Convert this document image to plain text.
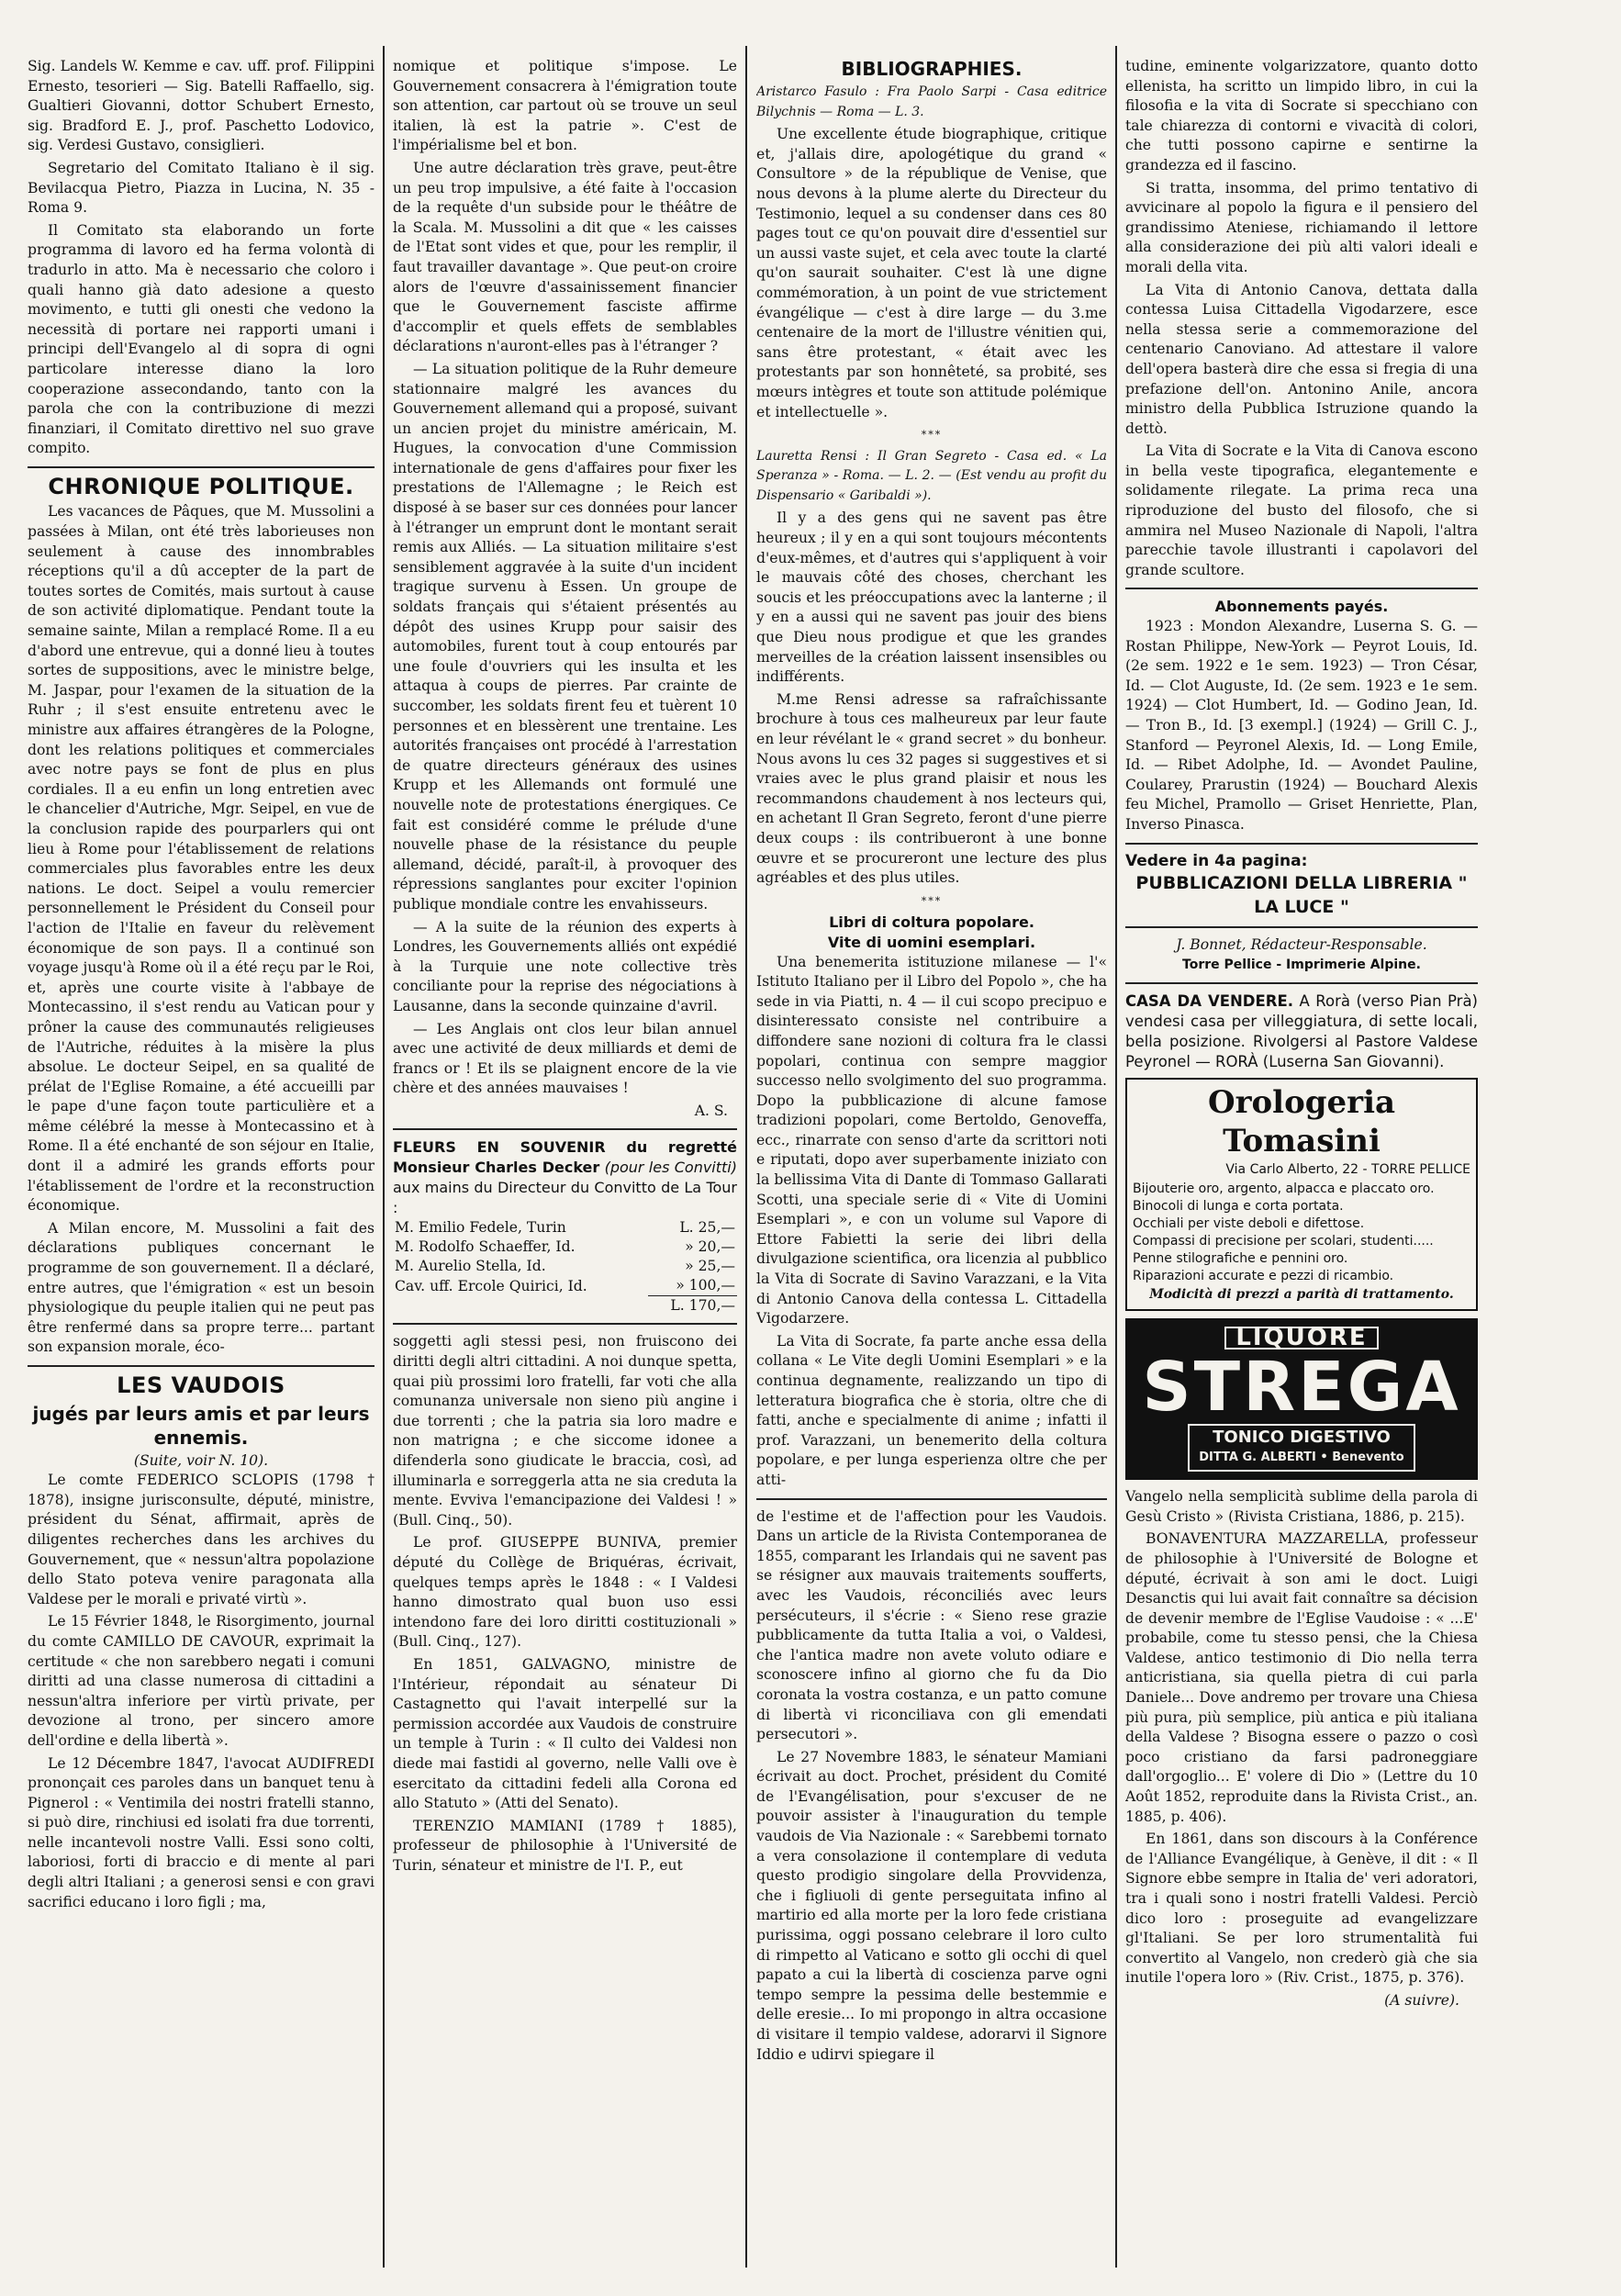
Sig. Landels W. Kemme e cav. uff. prof. Filippini Ernesto, tesorieri — Sig. Batelli Raffaello, sig. Gualtieri Giovanni, dottor Schubert Ernesto, sig. Bradford E. J., prof. Paschetto Lodovico, sig. Verdesi Gustavo, consiglieri.

Segretario del Comitato Italiano è il sig. Bevilacqua Pietro, Piazza in Lucina, N. 35 - Roma 9.

Il Comitato sta elaborando un forte programma di lavoro ed ha ferma volontà di tradurlo in atto. Ma è necessario che coloro i quali hanno già dato adesione a questo movimento, e tutti gli onesti che vedono la necessità di portare nei rapporti umani i principi dell'Evangelo al di sopra di ogni particolare interesse diano la loro cooperazione assecondando, tanto con la parola che con la contribuzione di mezzi finanziari, il Comitato direttivo nel suo grave compito.

CHRONIQUE POLITIQUE.

Les vacances de Pâques, que M. Mussolini a passées à Milan, ont été très laborieuses non seulement à cause des innombrables réceptions qu'il a dû accepter de la part de toutes sortes de Comités, mais surtout à cause de son activité diplomatique. Pendant toute la semaine sainte, Milan a remplacé Rome. Il a eu d'abord une entrevue, qui a donné lieu à toutes sortes de suppositions, avec le ministre belge, M. Jaspar, pour l'examen de la situation de la Ruhr ; il s'est ensuite entretenu avec le ministre aux affaires étrangères de la Pologne, dont les relations politiques et commerciales avec notre pays se font de plus en plus cordiales. Il a eu enfin un long entretien avec le chancelier d'Autriche, Mgr. Seipel, en vue de la conclusion rapide des pourparlers qui ont lieu à Rome pour l'établissement de relations commerciales plus favorables entre les deux nations. Le doct. Seipel a voulu remercier personnellement le Président du Conseil pour l'action de l'Italie en faveur du relèvement économique de son pays. Il a continué son voyage jusqu'à Rome où il a été reçu par le Roi, et, après une courte visite à l'abbaye de Montecassino, il s'est rendu au Vatican pour y prôner la cause des communautés religieuses de l'Autriche, réduites à la misère la plus absolue. Le docteur Seipel, en sa qualité de prélat de l'Eglise Romaine, a été accueilli par le pape d'une façon toute particulière et a même célébré la messe à Montecassino et à Rome. Il a été enchanté de son séjour en Italie, dont il a admiré les grands efforts pour l'établissement de l'ordre et la reconstruction économique.

A Milan encore, M. Mussolini a fait des déclarations publiques concernant le programme de son gouvernement. Il a déclaré, entre autres, que l'émigration « est un besoin physiologique du peuple italien qui ne peut pas être renfermé dans sa propre terre... partant son expansion morale, éco-

LES VAUDOIS
jugés par leurs amis et par leurs ennemis.
(Suite, voir N. 10).

Le comte FEDERICO SCLOPIS (1798 † 1878), insigne jurisconsulte, député, ministre, président du Sénat, affirmait, après de diligentes recherches dans les archives du Gouvernement, que « nessun'altra popolazione dello Stato poteva venire paragonata alla Valdese per le morali e privaté virtù ».

Le 15 Février 1848, le Risorgimento, journal du comte CAMILLO DE CAVOUR, exprimait la certitude « che non sarebbero negati i comuni diritti ad una classe numerosa di cittadini a nessun'altra inferiore per virtù private, per devozione al trono, per sincero amore dell'ordine e della libertà ».

Le 12 Décembre 1847, l'avocat AUDIFREDI prononçait ces paroles dans un banquet tenu à Pignerol : « Ventimila dei nostri fratelli stanno, si può dire, rinchiusi ed isolati fra due torrenti, nelle incantevoli nostre Valli. Essi sono colti, laboriosi, forti di braccio e di mente al pari degli altri Italiani ; a generosi sensi e con gravi sacrifici educano i loro figli ; ma,

nomique et politique s'impose. Le Gouvernement consacrera à l'émigration toute son attention, car partout où se trouve un seul italien, là est la patrie ». C'est de l'impérialisme bel et bon.

Une autre déclaration très grave, peut-être un peu trop impulsive, a été faite à l'occasion de la requête d'un subside pour le théâtre de la Scala. M. Mussolini a dit que « les caisses de l'Etat sont vides et que, pour les remplir, il faut travailler davantage ». Que peut-on croire alors de l'œuvre d'assainissement financier que le Gouvernement fasciste affirme d'accomplir et quels effets de semblables déclarations n'auront-elles pas à l'étranger ?

— La situation politique de la Ruhr demeure stationnaire malgré les avances du Gouvernement allemand qui a proposé, suivant un ancien projet du ministre américain, M. Hugues, la convocation d'une Commission internationale de gens d'affaires pour fixer les prestations de l'Allemagne ; le Reich est disposé à se baser sur ces données pour lancer à l'étranger un emprunt dont le montant serait remis aux Alliés. — La situation militaire s'est sensiblement aggravée à la suite d'un incident tragique survenu à Essen. Un groupe de soldats français qui s'étaient présentés au dépôt des usines Krupp pour saisir des automobiles, furent tout à coup entourés par une foule d'ouvriers qui les insulta et les attaqua à coups de pierres. Par crainte de succomber, les soldats firent feu et tuèrent 10 personnes et en blessèrent une trentaine. Les autorités françaises ont procédé à l'arrestation de quatre directeurs généraux des usines Krupp et les Allemands ont formulé une nouvelle note de protestations énergiques. Ce fait est considéré comme le prélude d'une nouvelle phase de la résistance du peuple allemand, décidé, paraît-il, à provoquer des répressions sanglantes pour exciter l'opinion publique mondiale contre les envahisseurs.

— A la suite de la réunion des experts à Londres, les Gouvernements alliés ont expédié à la Turquie une note collective très conciliante pour la reprise des négociations à Lausanne, dans la seconde quinzaine d'avril.

— Les Anglais ont clos leur bilan annuel avec une activité de deux milliards et demi de francs or ! Et ils se plaignent encore de la vie chère et des années mauvaises !

A. S.
FLEURS EN SOUVENIR du regretté Monsieur Charles Decker (pour les Convitti) aux mains du Directeur du Convitto de La Tour :
M. Emilio Fedele, Turin	L. 25,—
M. Rodolfo Schaeffer, Id.	» 20,—
M. Aurelio Stella, Id.	» 25,—
Cav. uff. Ercole Quirici, Id.	» 100,—
	L. 170,—

soggetti agli stessi pesi, non fruiscono dei diritti degli altri cittadini. A noi dunque spetta, quai più prossimi loro fratelli, far voti che alla comunanza universale non sieno più angine i due torrenti ; che la patria sia loro madre e non matrigna ; e che siccome idonee a difenderla sono giudicate le braccia, così, ad illuminarla e sorreggerla atta ne sia creduta la mente. Evviva l'emancipazione dei Valdesi ! » (Bull. Cinq., 50).

Le prof. GIUSEPPE BUNIVA, premier député du Collège de Briquéras, écrivait, quelques temps après le 1848 : « I Valdesi hanno dimostrato qual buon uso essi intendono fare dei loro diritti costituzionali » (Bull. Cinq., 127).

En 1851, GALVAGNO, ministre de l'Intérieur, répondait au sénateur Di Castagnetto qui l'avait interpellé sur la permission accordée aux Vaudois de construire un temple à Turin : « Il culto dei Valdesi non diede mai fastidi al governo, nelle Valli ove è esercitato da cittadini fedeli alla Corona ed allo Statuto » (Atti del Senato).

TERENZIO MAMIANI (1789 † 1885), professeur de philosophie à l'Université de Turin, sénateur et ministre de l'I. P., eut

BIBLIOGRAPHIES.

Aristarco Fasulo : Fra Paolo Sarpi - Casa editrice Bilychnis — Roma — L. 3.

Une excellente étude biographique, critique et, j'allais dire, apologétique du grand « Consultore » de la république de Venise, que nous devons à la plume alerte du Directeur du Testimonio, lequel a su condenser dans ces 80 pages tout ce qu'on pouvait dire d'essentiel sur un aussi vaste sujet, et cela avec toute la clarté qu'on saurait souhaiter. C'est là une digne commémoration, à un point de vue strictement évangélique — c'est à dire large — du 3.me centenaire de la mort de l'illustre vénitien qui, sans être protestant, « était avec les protestants par son honnêteté, sa probité, ses mœurs intègres et toute son attitude polémique et intellectuelle ».

***

Lauretta Rensi : Il Gran Segreto - Casa ed. « La Speranza » - Roma. — L. 2. — (Est vendu au profit du Dispensario « Garibaldi »).

Il y a des gens qui ne savent pas être heureux ; il y en a qui sont toujours mécontents d'eux-mêmes, et d'autres qui s'appliquent à voir le mauvais côté des choses, cherchant les soucis et les préoccupations avec la lanterne ; il y en a aussi qui ne savent pas jouir des biens que Dieu nous prodigue et que les grandes merveilles de la création laissent insensibles ou indifférents.

M.me Rensi adresse sa rafraîchissante brochure à tous ces malheureux par leur faute en leur révélant le « grand secret » du bonheur. Nous avons lu ces 32 pages si suggestives et si vraies avec le plus grand plaisir et nous les recommandons chaudement à nos lecteurs qui, en achetant Il Gran Segreto, feront d'une pierre deux coups : ils contribueront à une bonne œuvre et se procureront une lecture des plus agréables et des plus utiles.

***
Libri di coltura popolare.
Vite di uomini esemplari.

Una benemerita istituzione milanese — l'« Istituto Italiano per il Libro del Popolo », che ha sede in via Piatti, n. 4 — il cui scopo precipuo e disinteressato consiste nel contribuire a diffondere sane nozioni di coltura fra le classi popolari, continua con sempre maggior successo nello svolgimento del suo programma. Dopo la pubblicazione di alcune famose tradizioni popolari, come Bertoldo, Genoveffa, ecc., rinarrate con senso d'arte da scrittori noti e riputati, dopo aver superbamente iniziato con la bellissima Vita di Dante di Tommaso Gallarati Scotti, una speciale serie di « Vite di Uomini Esemplari », e con un volume sul Vapore di Ettore Fabietti la serie dei libri della divulgazione scientifica, ora licenzia al pubblico la Vita di Socrate di Savino Varazzani, e la Vita di Antonio Canova della contessa L. Cittadella Vigodarzere.

La Vita di Socrate, fa parte anche essa della collana « Le Vite degli Uomini Esemplari » e la continua degnamente, realizzando un tipo di letteratura biografica che è storia, oltre che di fatti, anche e specialmente di anime ; infatti il prof. Varazzani, un benemerito della coltura popolare, e per lunga esperienza oltre che per atti-

de l'estime et de l'affection pour les Vaudois. Dans un article de la Rivista Contemporanea de 1855, comparant les Irlandais qui ne savent pas se résigner aux mauvais traitements soufferts, avec les Vaudois, réconciliés avec leurs persécuteurs, il s'écrie : « Sieno rese grazie pubblicamente da tutta Italia a voi, o Valdesi, che l'antica madre non avete voluto odiare e sconoscere infino al giorno che fu da Dio coronata la vostra costanza, e un patto comune di libertà vi riconciliava con gli emendati persecutori ».

Le 27 Novembre 1883, le sénateur Mamiani écrivait au doct. Prochet, président du Comité de l'Evangélisation, pour s'excuser de ne pouvoir assister à l'inauguration du temple vaudois de Via Nazionale : « Sarebbemi tornato a vera consolazione il contemplare di veduta questo prodigio singolare della Provvidenza, che i figliuoli di gente perseguitata infino al martirio ed alla morte per la loro fede cristiana purissima, oggi possano celebrare il loro culto di rimpetto al Vaticano e sotto gli occhi di quel papato a cui la libertà di coscienza parve ogni tempo sempre la pessima delle bestemmie e delle eresie... Io mi propongo in altra occasione di visitare il tempio valdese, adorarvi il Signore Iddio e udirvi spiegare il

tudine, eminente volgarizzatore, quanto dotto ellenista, ha scritto un limpido libro, in cui la filosofia e la vita di Socrate si specchiano con tale chiarezza di contorni e vivacità di colori, che tutti possono capirne e sentirne la grandezza ed il fascino.

Si tratta, insomma, del primo tentativo di avvicinare al popolo la figura e il pensiero del grandissimo Ateniese, richiamando il lettore alla considerazione dei più alti valori ideali e morali della vita.

La Vita di Antonio Canova, dettata dalla contessa Luisa Cittadella Vigodarzere, esce nella stessa serie a commemorazione del centenario Canoviano. Ad attestare il valore dell'opera basterà dire che essa si fregia di una prefazione dell'on. Antonino Anile, ancora ministro della Pubblica Istruzione quando la dettò.

La Vita di Socrate e la Vita di Canova escono in bella veste tipografica, elegantemente e solidamente rilegate. La prima reca una riproduzione del busto del filosofo, che si ammira nel Museo Nazionale di Napoli, l'altra parecchie tavole illustranti i capolavori del grande scultore.

Abonnements payés.

1923 : Mondon Alexandre, Luserna S. G. — Rostan Philippe, New-York — Peyrot Louis, Id. (2e sem. 1922 e 1e sem. 1923) — Tron César, Id. — Clot Auguste, Id. (2e sem. 1923 e 1e sem. 1924) — Clot Humbert, Id. — Godino Jean, Id. — Tron B., Id. [3 exempl.] (1924) — Grill C. J., Stanford — Peyronel Alexis, Id. — Long Emile, Id. — Ribet Adolphe, Id. — Avondet Pauline, Coularey, Prarustin (1924) — Bouchard Alexis feu Michel, Pramollo — Griset Henriette, Plan, Inverso Pinasca.

Vedere in 4a pagina:
PUBBLICAZIONI DELLA LIBRERIA " LA LUCE "
J. Bonnet, Rédacteur-Responsable.
Torre Pellice - Imprimerie Alpine.
CASA DA VENDERE. A Rorà (verso Pian Prà) vendesi casa per villeggiatura, di sette locali, bella posizione. Rivolgersi al Pastore Valdese Peyronel — RORÀ (Luserna San Giovanni).
Orologeria Tomasini
Via Carlo Alberto, 22 - TORRE PELLICE
Bijouterie oro, argento, alpacca e placcato oro.
Binocoli di lunga e corta portata.
Occhiali per viste deboli e difettose.
Compassi di precisione per scolari, studenti.....
Penne stilografiche e pennini oro.
Riparazioni accurate e pezzi di ricambio.
Modicità di prezzi a parità di trattamento.
LIQUORE
STREGA
TONICO DIGESTIVO
DITTA G. ALBERTI • Benevento

Vangelo nella semplicità sublime della parola di Gesù Cristo » (Rivista Cristiana, 1886, p. 215).

BONAVENTURA MAZZARELLA, professeur de philosophie à l'Université de Bologne et député, écrivait à son ami le doct. Luigi Desanctis qui lui avait fait connaître sa décision de devenir membre de l'Eglise Vaudoise : « ...E' probabile, come tu stesso pensi, che la Chiesa Valdese, antico testimonio di Dio nella terra anticristiana, sia quella pietra di cui parla Daniele... Dove andremo per trovare una Chiesa più pura, più semplice, più antica e più italiana della Valdese ? Bisogna essere o pazzo o così poco cristiano da farsi padroneggiare dall'orgoglio... E' volere di Dio » (Lettre du 10 Août 1852, reproduite dans la Rivista Crist., an. 1885, p. 406).

En 1861, dans son discours à la Conférence de l'Alliance Evangélique, à Genève, il dit : « Il Signore ebbe sempre in Italia de' veri adoratori, tra i quali sono i nostri fratelli Valdesi. Perciò dico loro : proseguite ad evangelizzare gl'Italiani. Se per loro strumentalità fui convertito al Vangelo, non crederò già che sia inutile l'opera loro » (Riv. Crist., 1875, p. 376).

(A suivre).
